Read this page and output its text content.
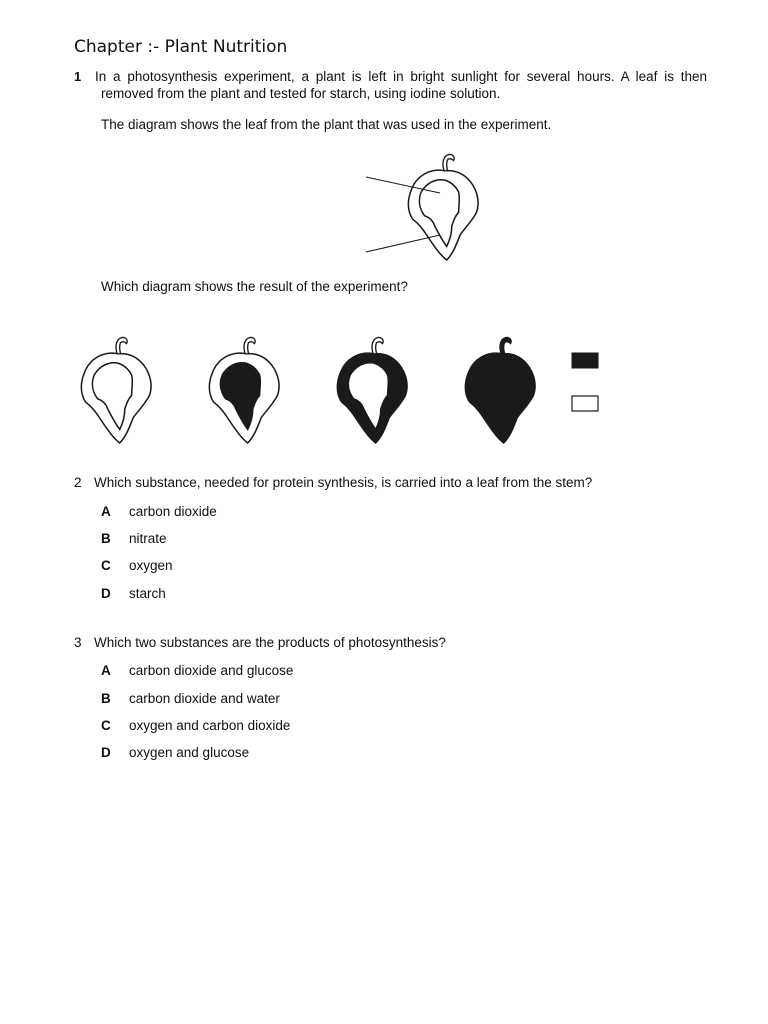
Chapter :- Plant Nutrition
1 In a photosynthesis experiment, a plant is left in bright sunlight for several hours. A leaf is then
removed from the plant and tested for starch, using iodine solution.
The diagram shows the leaf from the plant that was used in the experiment.
Which diagram shows the result of the experiment?
2 Which substance, needed for protein synthesis, is carried into a leaf from the stem?
A carbon dioxide
B nitrate
C oxygen
D starch
3 Which two substances are the products of photosynthesis?
A carbon dioxide and glucose
B carbon dioxide and water
C oxygen and carbon dioxide
D oxygen and glucose
